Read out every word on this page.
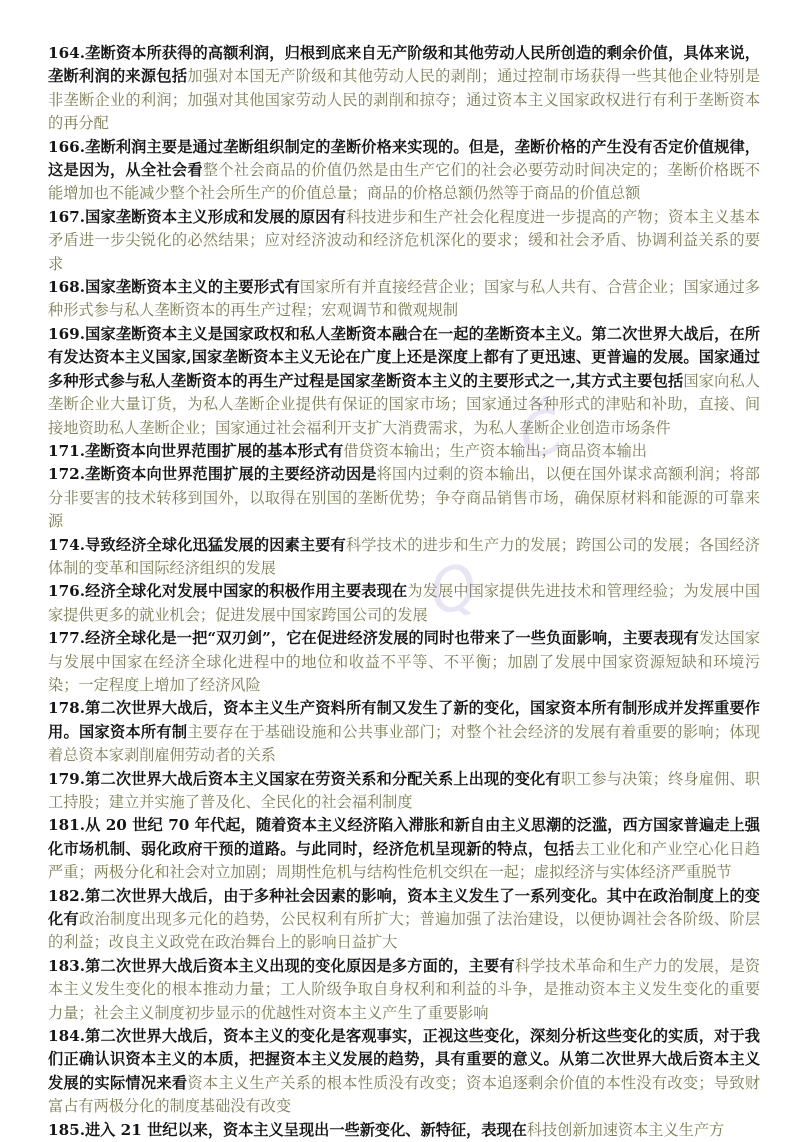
Č
Q
164.垄断资本所获得的高额利润，归根到底来自无产阶级和其他劳动人民所创造的剩余价值，具体来说，垄断利润的来源包括加强对本国无产阶级和其他劳动人民的剥削；通过控制市场获得一些其他企业特别是非垄断企业的利润；加强对其他国家劳动人民的剥削和掠夺；通过资本主义国家政权进行有利于垄断资本的再分配
166.垄断利润主要是通过垄断组织制定的垄断价格来实现的。但是，垄断价格的产生没有否定价值规律，这是因为，从全社会看整个社会商品的价值仍然是由生产它们的社会必要劳动时间决定的；垄断价格既不能增加也不能减少整个社会所生产的价值总量；商品的价格总额仍然等于商品的价值总额
167.国家垄断资本主义形成和发展的原因有科技进步和生产社会化程度进一步提高的产物；资本主义基本矛盾进一步尖锐化的必然结果；应对经济波动和经济危机深化的要求；缓和社会矛盾、协调利益关系的要求
168.国家垄断资本主义的主要形式有国家所有并直接经营企业；国家与私人共有、合营企业；国家通过多种形式参与私人垄断资本的再生产过程；宏观调节和微观规制
169.国家垄断资本主义是国家政权和私人垄断资本融合在一起的垄断资本主义。第二次世界大战后，在所有发达资本主义国家,国家垄断资本主义无论在广度上还是深度上都有了更迅速、更普遍的发展。国家通过多种形式参与私人垄断资本的再生产过程是国家垄断资本主义的主要形式之一,其方式主要包括国家向私人垄断企业大量订货，为私人垄断企业提供有保证的国家市场；国家通过各种形式的津贴和补助，直接、间接地资助私人垄断企业；国家通过社会福利开支扩大消费需求，为私人垄断企业创造市场条件
171.垄断资本向世界范围扩展的基本形式有借贷资本输出；生产资本输出；商品资本输出
172.垄断资本向世界范围扩展的主要经济动因是将国内过剩的资本输出，以便在国外谋求高额利润；将部分非要害的技术转移到国外，以取得在别国的垄断优势；争夺商品销售市场，确保原材料和能源的可靠来源
174.导致经济全球化迅猛发展的因素主要有科学技术的进步和生产力的发展；跨国公司的发展；各国经济体制的变革和国际经济组织的发展
176.经济全球化对发展中国家的积极作用主要表现在为发展中国家提供先进技术和管理经验；为发展中国家提供更多的就业机会；促进发展中国家跨国公司的发展
177.经济全球化是一把“双刃剑”，它在促进经济发展的同时也带来了一些负面影响，主要表现有发达国家与发展中国家在经济全球化进程中的地位和收益不平等、不平衡；加剧了发展中国家资源短缺和环境污染；一定程度上增加了经济风险
178.第二次世界大战后，资本主义生产资料所有制又发生了新的变化，国家资本所有制形成并发挥重要作用。国家资本所有制主要存在于基础设施和公共事业部门；对整个社会经济的发展有着重要的影响；体现着总资本家剥削雇佣劳动者的关系
179.第二次世界大战后资本主义国家在劳资关系和分配关系上出现的变化有职工参与决策；终身雇佣、职工持股；建立并实施了普及化、全民化的社会福利制度
181.从 20 世纪 70 年代起，随着资本主义经济陷入滞胀和新自由主义思潮的泛滥，西方国家普遍走上强化市场机制、弱化政府干预的道路。与此同时，经济危机呈现新的特点，包括去工业化和产业空心化日趋严重；两极分化和社会对立加剧；周期性危机与结构性危机交织在一起；虚拟经济与实体经济严重脱节
182.第二次世界大战后，由于多种社会因素的影响，资本主义发生了一系列变化。其中在政治制度上的变化有政治制度出现多元化的趋势，公民权利有所扩大；普遍加强了法治建设，以便协调社会各阶级、阶层的利益；改良主义政党在政治舞台上的影响日益扩大
183.第二次世界大战后资本主义出现的变化原因是多方面的，主要有科学技术革命和生产力的发展，是资本主义发生变化的根本推动力量；工人阶级争取自身权利和利益的斗争，是推动资本主义发生变化的重要力量；社会主义制度初步显示的优越性对资本主义产生了重要影响
184.第二次世界大战后，资本主义的变化是客观事实，正视这些变化，深刻分析这些变化的实质，对于我们正确认识资本主义的本质，把握资本主义发展的趋势，具有重要的意义。从第二次世界大战后资本主义发展的实际情况来看资本主义生产关系的根本性质没有改变；资本追逐剩余价值的本性没有改变；导致财富占有两极分化的制度基础没有改变
185.进入 21 世纪以来，资本主义呈现出一些新变化、新特征，表现在科技创新加速资本主义生产方
